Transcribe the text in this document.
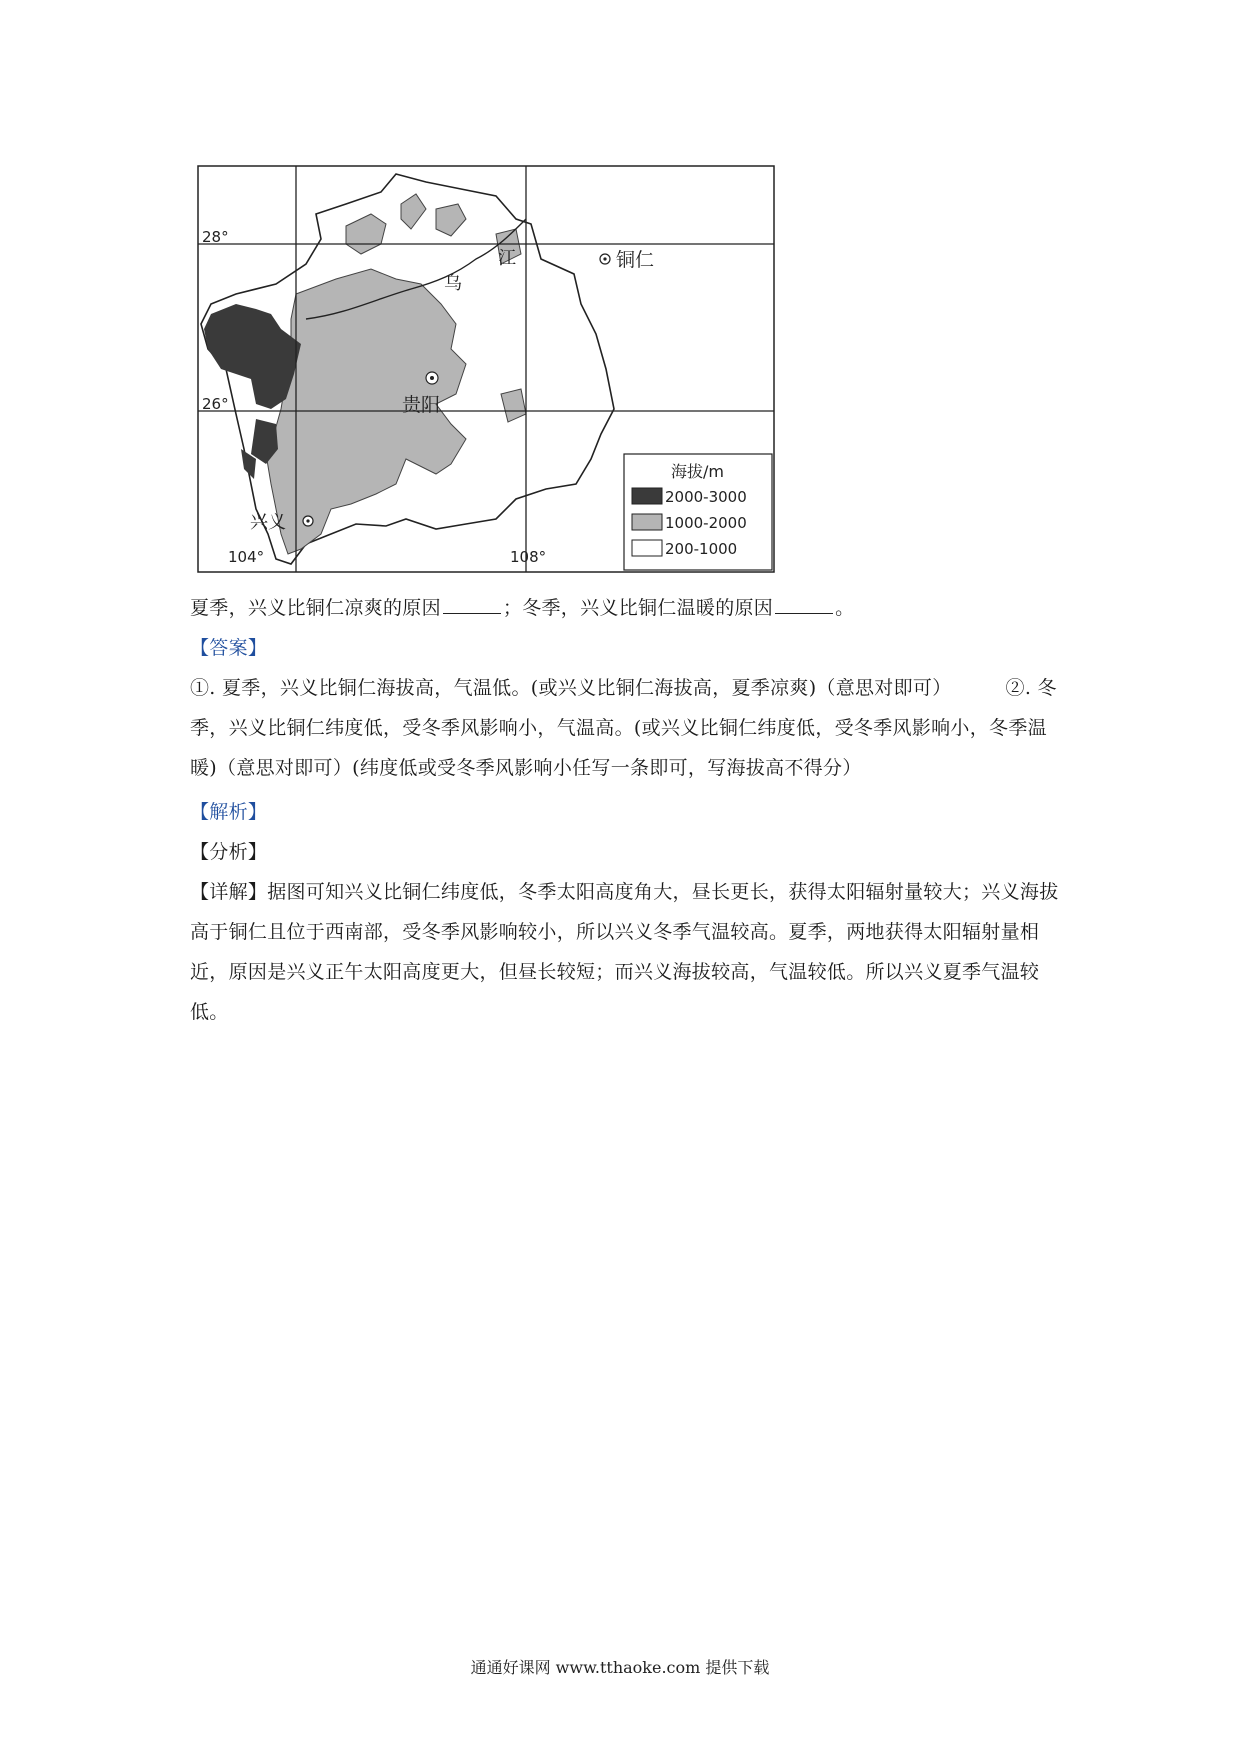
28°
26°
104°	108°
江
乌
铜仁
贵阳
兴义
海拔/m
2000-3000
1000-2000
200-1000

夏季，兴义比铜仁凉爽的原因	；冬季，兴义比铜仁温暖的原因	。

【答案】①. 夏季，兴义比铜仁海拔高，气温低。(或兴义比铜仁海拔高，夏季凉爽)（意思对即可）	②. 冬季，兴义比铜仁纬度低，受冬季风影响小，气温高。(或兴义比铜仁纬度低，受冬季风影响小，冬季温暖)（意思对即可）(纬度低或受冬季风影响小任写一条即可，写海拔高不得分）

【解析】

【分析】

【详解】据图可知兴义比铜仁纬度低，冬季太阳高度角大，昼长更长，获得太阳辐射量较大；兴义海拔高于铜仁且位于西南部，受冬季风影响较小，所以兴义冬季气温较高。夏季，两地获得太阳辐射量相近，原因是兴义正午太阳高度更大，但昼长较短；而兴义海拔较高，气温较低。所以兴义夏季气温较低。

通通好课网 www.tthaoke.com 提供下载
